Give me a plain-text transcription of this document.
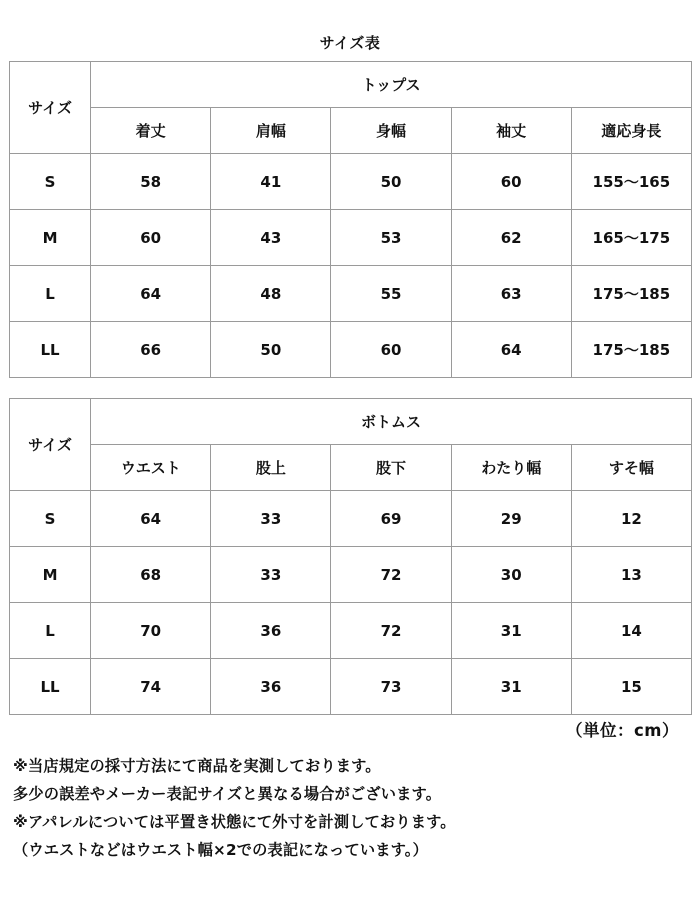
サイズ表
サイズ	トップス				
	着丈	肩幅	身幅	袖丈	適応身長
S	58	41	50	60	155〜165
M	60	43	53	62	165〜175
L	64	48	55	63	175〜185
LL	66	50	60	64	175〜185
サイズ	ボトムス				
	ウエスト	股上	股下	わたり幅	すそ幅
S	64	33	69	29	12
M	68	33	72	30	13
L	70	36	72	31	14
LL	74	36	73	31	15
（単位：cm）
※当店規定の採寸方法にて商品を実測しております。
多少の誤差やメーカー表記サイズと異なる場合がございます。
※アパレルについては平置き状態にて外寸を計測しております。
（ウエストなどはウエスト幅×2での表記になっています。）
